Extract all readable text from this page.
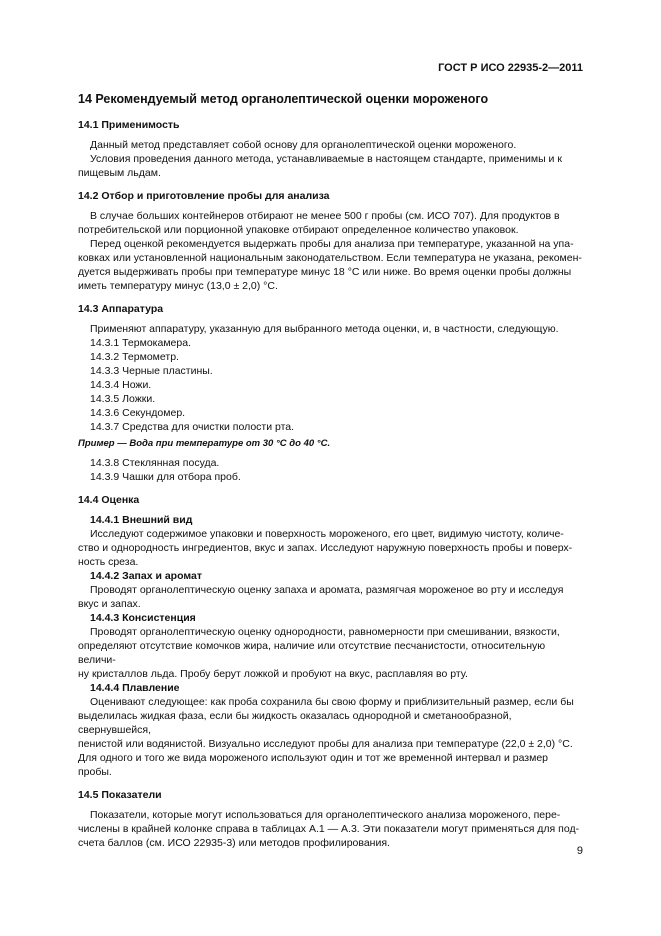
ГОСТ Р ИСО 22935-2—2011
14 Рекомендуемый метод органолептической оценки мороженого
14.1 Применимость
Данный метод представляет собой основу для органолептической оценки мороженого.
Условия проведения данного метода, устанавливаемые в настоящем стандарте, применимы и к
пищевым льдам.
14.2 Отбор и приготовление пробы для анализа
В случае больших контейнеров отбирают не менее 500 г пробы (см. ИСО 707). Для продуктов в
потребительской или порционной упаковке отбирают определенное количество упаковок.
Перед оценкой рекомендуется выдержать пробы для анализа при температуре, указанной на упа-
ковках или установленной национальным законодательством. Если температура не указана, рекомен-
дуется выдерживать пробы при температуре минус 18 °С или ниже. Во время оценки пробы должны
иметь температуру минус (13,0 ± 2,0) °С.
14.3 Аппаратура
Применяют аппаратуру, указанную для выбранного метода оценки, и, в частности, следующую.
14.3.1 Термокамера.
14.3.2 Термометр.
14.3.3 Черные пластины.
14.3.4 Ножи.
14.3.5 Ложки.
14.3.6 Секундомер.
14.3.7 Средства для очистки полости рта.
Пример — Вода при температуре от 30 °С до 40 °С.
14.3.8 Стеклянная посуда.
14.3.9 Чашки для отбора проб.
14.4 Оценка
14.4.1 Внешний вид
Исследуют содержимое упаковки и поверхность мороженого, его цвет, видимую чистоту, количе-
ство и однородность ингредиентов, вкус и запах. Исследуют наружную поверхность пробы и поверх-
ность среза.
14.4.2 Запах и аромат
Проводят органолептическую оценку запаха и аромата, размягчая мороженое во рту и исследуя
вкус и запах.
14.4.3 Консистенция
Проводят органолептическую оценку однородности, равномерности при смешивании, вязкости,
определяют отсутствие комочков жира, наличие или отсутствие песчанистости, относительную величи-
ну кристаллов льда. Пробу берут ложкой и пробуют на вкус, расплавляя во рту.
14.4.4 Плавление
Оценивают следующее: как проба сохранила бы свою форму и приблизительный размер, если бы
выделилась жидкая фаза, если бы жидкость оказалась однородной и сметанообразной, свернувшейся,
пенистой или водянистой. Визуально исследуют пробы для анализа при температуре (22,0 ± 2,0) °С.
Для одного и того же вида мороженого используют один и тот же временной интервал и размер пробы.
14.5 Показатели
Показатели, которые могут использоваться для органолептического анализа мороженого, пере-
числены в крайней колонке справа в таблицах А.1 — А.3. Эти показатели могут применяться для под-
счета баллов (см. ИСО 22935-3) или методов профилирования.
9
